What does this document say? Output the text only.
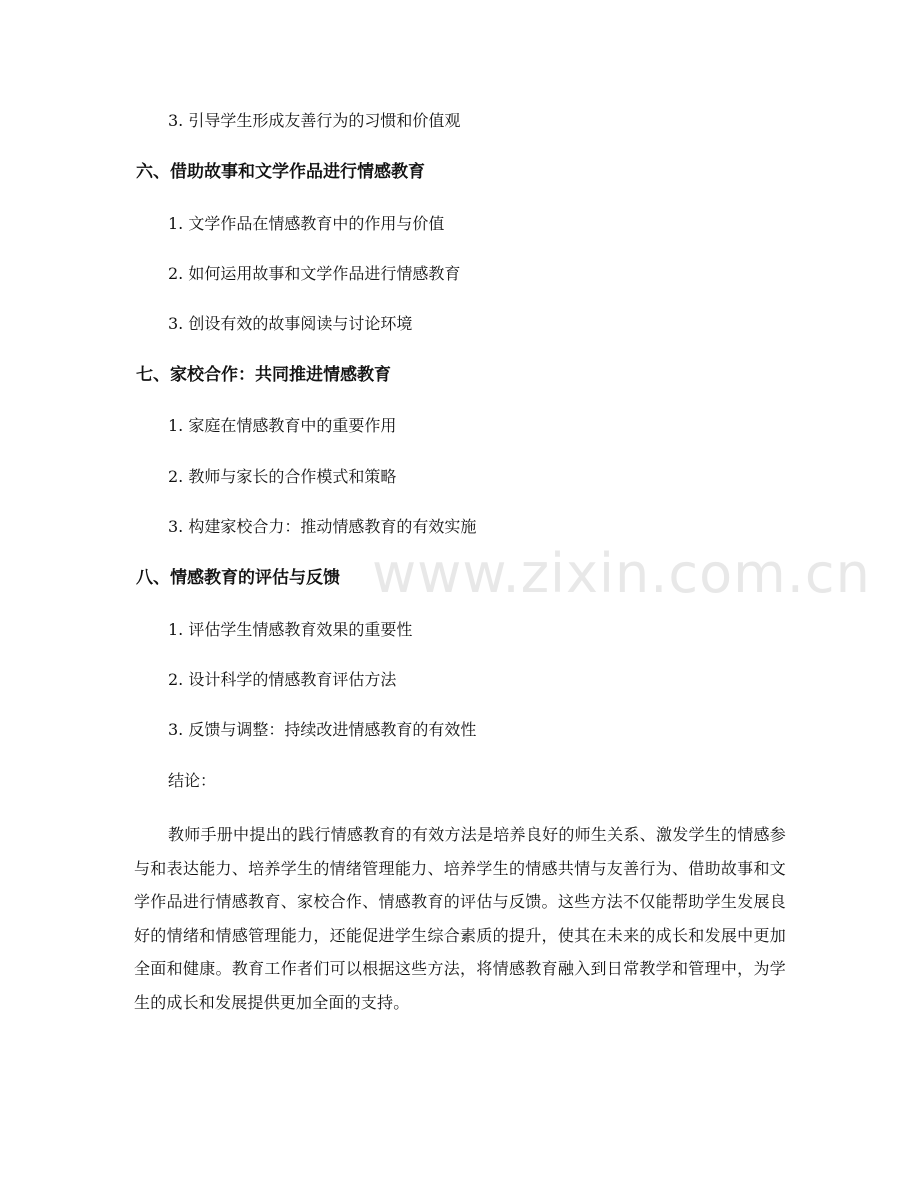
3. 引导学生形成友善行为的习惯和价值观
六、借助故事和文学作品进行情感教育
1. 文学作品在情感教育中的作用与价值
2. 如何运用故事和文学作品进行情感教育
3. 创设有效的故事阅读与讨论环境
七、家校合作：共同推进情感教育
1. 家庭在情感教育中的重要作用
2. 教师与家长的合作模式和策略
3. 构建家校合力：推动情感教育的有效实施
八、情感教育的评估与反馈
1. 评估学生情感教育效果的重要性
2. 设计科学的情感教育评估方法
3. 反馈与调整：持续改进情感教育的有效性
结论：
教师手册中提出的践行情感教育的有效方法是培养良好的师生关系、激发学生的情感参与和表达能力、培养学生的情绪管理能力、培养学生的情感共情与友善行为、借助故事和文学作品进行情感教育、家校合作、情感教育的评估与反馈。这些方法不仅能帮助学生发展良好的情绪和情感管理能力，还能促进学生综合素质的提升，使其在未来的成长和发展中更加全面和健康。教育工作者们可以根据这些方法，将情感教育融入到日常教学和管理中，为学生的成长和发展提供更加全面的支持。
www.zixin.com.cn
